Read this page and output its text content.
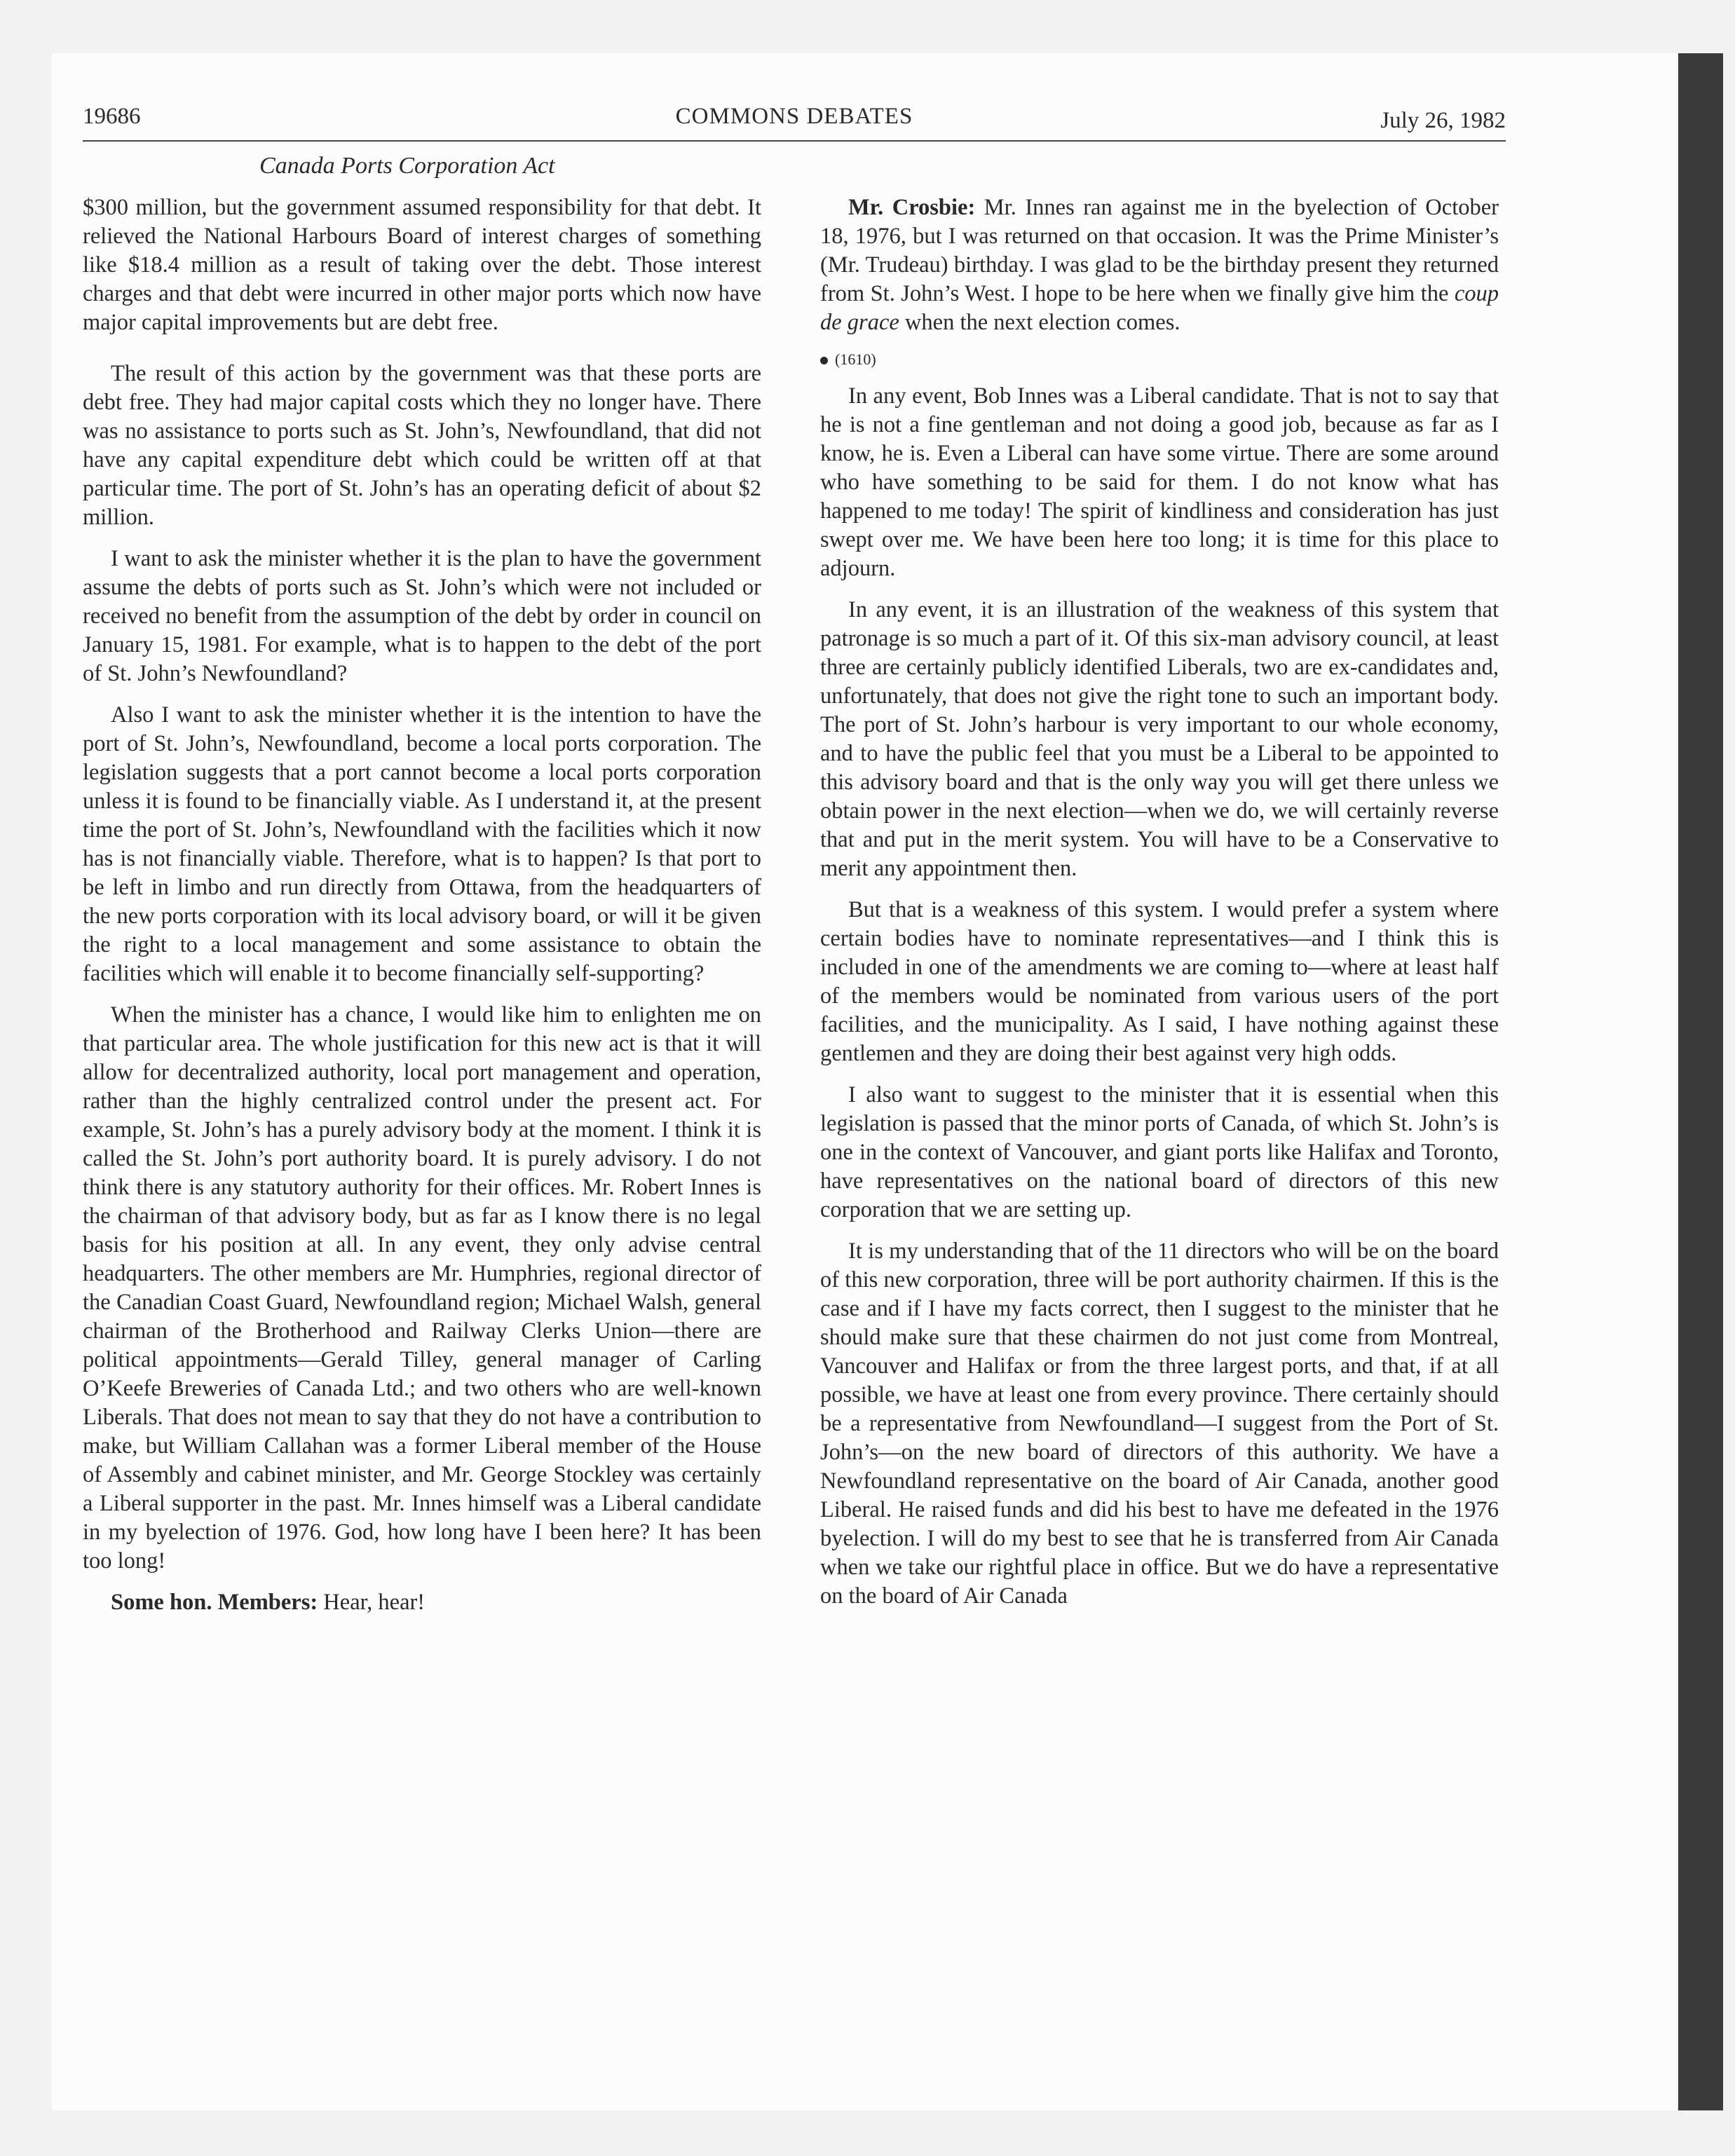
19686	COMMONS DEBATES	July 26, 1982
Canada Ports Corporation Act

$300 million, but the government assumed responsibility for that debt. It relieved the National Harbours Board of interest charges of something like $18.4 million as a result of taking over the debt. Those interest charges and that debt were incurred in other major ports which now have major capital improvements but are debt free.

The result of this action by the government was that these ports are debt free. They had major capital costs which they no longer have. There was no assistance to ports such as St. John’s, Newfoundland, that did not have any capital expenditure debt which could be written off at that particular time. The port of St. John’s has an operating deficit of about $2 million.

I want to ask the minister whether it is the plan to have the government assume the debts of ports such as St. John’s which were not included or received no benefit from the assumption of the debt by order in council on January 15, 1981. For example, what is to happen to the debt of the port of St. John’s Newfoundland?

Also I want to ask the minister whether it is the intention to have the port of St. John’s, Newfoundland, become a local ports corporation. The legislation suggests that a port cannot become a local ports corporation unless it is found to be financially viable. As I understand it, at the present time the port of St. John’s, Newfoundland with the facilities which it now has is not financially viable. Therefore, what is to happen? Is that port to be left in limbo and run directly from Ottawa, from the headquarters of the new ports corporation with its local advisory board, or will it be given the right to a local management and some assistance to obtain the facilities which will enable it to become financially self-supporting?

When the minister has a chance, I would like him to enlighten me on that particular area. The whole justification for this new act is that it will allow for decentralized authority, local port management and operation, rather than the highly centralized control under the present act. For example, St. John’s has a purely advisory body at the moment. I think it is called the St. John’s port authority board. It is purely advisory. I do not think there is any statutory authority for their offices. Mr. Robert Innes is the chairman of that advisory body, but as far as I know there is no legal basis for his position at all. In any event, they only advise central headquarters. The other members are Mr. Humphries, regional director of the Canadian Coast Guard, Newfoundland region; Michael Walsh, general chairman of the Brotherhood and Railway Clerks Union—there are political appointments—Gerald Tilley, general manager of Carling O’Keefe Breweries of Canada Ltd.; and two others who are well-known Liberals. That does not mean to say that they do not have a contribution to make, but William Callahan was a former Liberal member of the House of Assembly and cabinet minister, and Mr. George Stockley was certainly a Liberal supporter in the past. Mr. Innes himself was a Liberal candidate in my byelection of 1976. God, how long have I been here? It has been too long!

Some hon. Members: Hear, hear!

Mr. Crosbie: Mr. Innes ran against me in the byelection of October 18, 1976, but I was returned on that occasion. It was the Prime Minister’s (Mr. Trudeau) birthday. I was glad to be the birthday present they returned from St. John’s West. I hope to be here when we finally give him the coup de grace when the next election comes.

(1610)

In any event, Bob Innes was a Liberal candidate. That is not to say that he is not a fine gentleman and not doing a good job, because as far as I know, he is. Even a Liberal can have some virtue. There are some around who have something to be said for them. I do not know what has happened to me today! The spirit of kindliness and consideration has just swept over me. We have been here too long; it is time for this place to adjourn.

In any event, it is an illustration of the weakness of this system that patronage is so much a part of it. Of this six-man advisory council, at least three are certainly publicly identified Liberals, two are ex-candidates and, unfortunately, that does not give the right tone to such an important body. The port of St. John’s harbour is very important to our whole economy, and to have the public feel that you must be a Liberal to be appointed to this advisory board and that is the only way you will get there unless we obtain power in the next election—when we do, we will certainly reverse that and put in the merit system. You will have to be a Conservative to merit any appointment then.

But that is a weakness of this system. I would prefer a system where certain bodies have to nominate representatives—and I think this is included in one of the amendments we are coming to—where at least half of the members would be nominated from various users of the port facilities, and the municipality. As I said, I have nothing against these gentlemen and they are doing their best against very high odds.

I also want to suggest to the minister that it is essential when this legislation is passed that the minor ports of Canada, of which St. John’s is one in the context of Vancouver, and giant ports like Halifax and Toronto, have representatives on the national board of directors of this new corporation that we are setting up.

It is my understanding that of the 11 directors who will be on the board of this new corporation, three will be port authority chairmen. If this is the case and if I have my facts correct, then I suggest to the minister that he should make sure that these chairmen do not just come from Montreal, Vancouver and Halifax or from the three largest ports, and that, if at all possible, we have at least one from every province. There certainly should be a representative from Newfoundland—I suggest from the Port of St. John’s—on the new board of directors of this authority. We have a Newfoundland representative on the board of Air Canada, another good Liberal. He raised funds and did his best to have me defeated in the 1976 byelection. I will do my best to see that he is transferred from Air Canada when we take our rightful place in office. But we do have a representative on the board of Air Canada
